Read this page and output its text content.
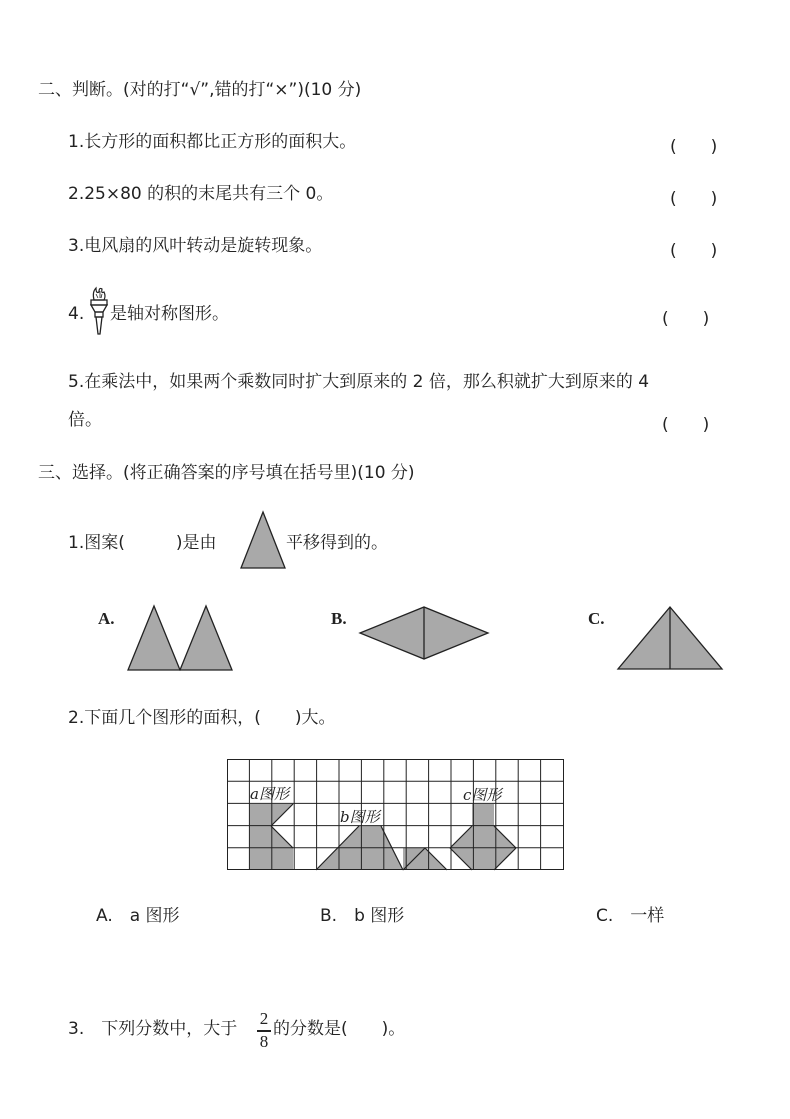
二、判断。(对的打“√”,错的打“×”)(10 分)
1.长方形的面积都比正方形的面积大。	(　　)
2.25×80 的积的末尾共有三个 0。	(　　)
3.电风扇的风叶转动是旋转现象。	(　　)
4. 是轴对称图形。	(　　)
5.在乘法中，如果两个乘数同时扩大到原来的 2 倍，那么积就扩大到原来的 4
倍。	(　　)
三、选择。(将正确答案的序号填在括号里)(10 分)
1.图案(　　　)是由	平移得到的。
A.	B.	C.
2.下面几个图形的面积，(　　)大。
a图形
b图形
c图形
A.　a 图形	B.　b 图形	C.　一样
3.　下列分数中，大于
2
8
的分数是(　　)。
